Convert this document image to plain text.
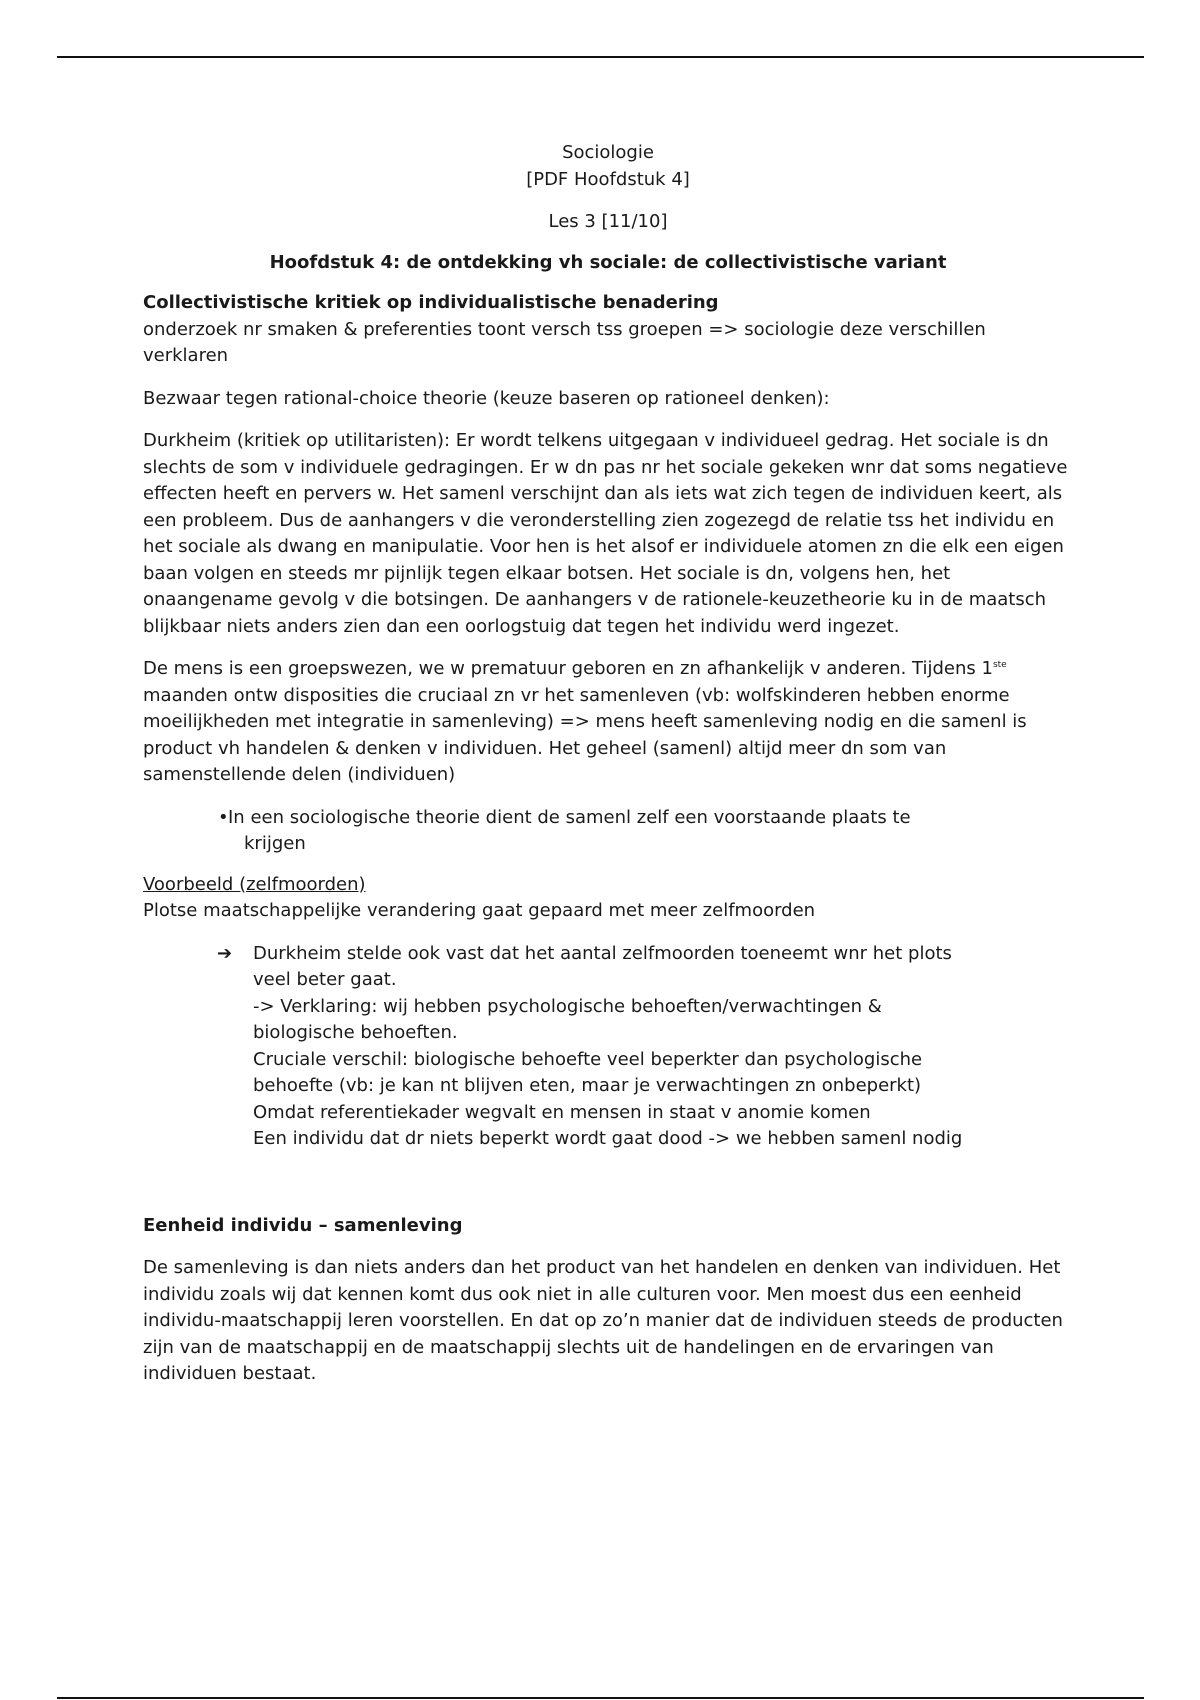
Sociologie

[PDF Hoofdstuk 4]

Les 3 [11/10]

Hoofdstuk 4: de ontdekking vh sociale: de collectivistische variant

Collectivistische kritiek op individualistische benadering

onderzoek nr smaken & preferenties toont versch tss groepen => sociologie deze verschillen verklaren

Bezwaar tegen rational-choice theorie (keuze baseren op rationeel denken):

Durkheim (kritiek op utilitaristen): Er wordt telkens uitgegaan v individueel gedrag. Het sociale is dn slechts de som v individuele gedragingen. Er w dn pas nr het sociale gekeken wnr dat soms negatieve effecten heeft en pervers w. Het samenl verschijnt dan als iets wat zich tegen de individuen keert, als een probleem. Dus de aanhangers v die veronderstelling zien zogezegd de relatie tss het individu en het sociale als dwang en manipulatie. Voor hen is het alsof er individuele atomen zn die elk een eigen baan volgen en steeds mr pijnlijk tegen elkaar botsen. Het sociale is dn, volgens hen, het onaangename gevolg v die botsingen. De aanhangers v de rationele-keuzetheorie ku in de maatsch blijkbaar niets anders zien dan een oorlogstuig dat tegen het individu werd ingezet.

De mens is een groepswezen, we w prematuur geboren en zn afhankelijk v anderen. Tijdens 1ste maanden ontw disposities die cruciaal zn vr het samenleven (vb: wolfskinderen hebben enorme moeilijkheden met integratie in samenleving) => mens heeft samenleving nodig en die samenl is product vh handelen & denken v individuen. Het geheel (samenl) altijd meer dn som van samenstellende delen (individuen)

• In een sociologische theorie dient de samenl zelf een voorstaande plaats te
krijgen

Voorbeeld (zelfmoorden)

Plotse maatschappelijke verandering gaat gepaard met meer zelfmoorden

➔	Durkheim stelde ook vast dat het aantal zelfmoorden toeneemt wnr het plots
veel beter gaat.
-> Verklaring: wij hebben psychologische behoeften/verwachtingen &
biologische behoeften.
Cruciale verschil: biologische behoefte veel beperkter dan psychologische
behoefte (vb: je kan nt blijven eten, maar je verwachtingen zn onbeperkt)
Omdat referentiekader wegvalt en mensen in staat v anomie komen
Een individu dat dr niets beperkt wordt gaat dood -> we hebben samenl nodig

Eenheid individu – samenleving

De samenleving is dan niets anders dan het product van het handelen en denken van individuen. Het individu zoals wij dat kennen komt dus ook niet in alle culturen voor. Men moest dus een eenheid individu-maatschappij leren voorstellen. En dat op zo’n manier dat de individuen steeds de producten zijn van de maatschappij en de maatschappij slechts uit de handelingen en de ervaringen van individuen bestaat.
